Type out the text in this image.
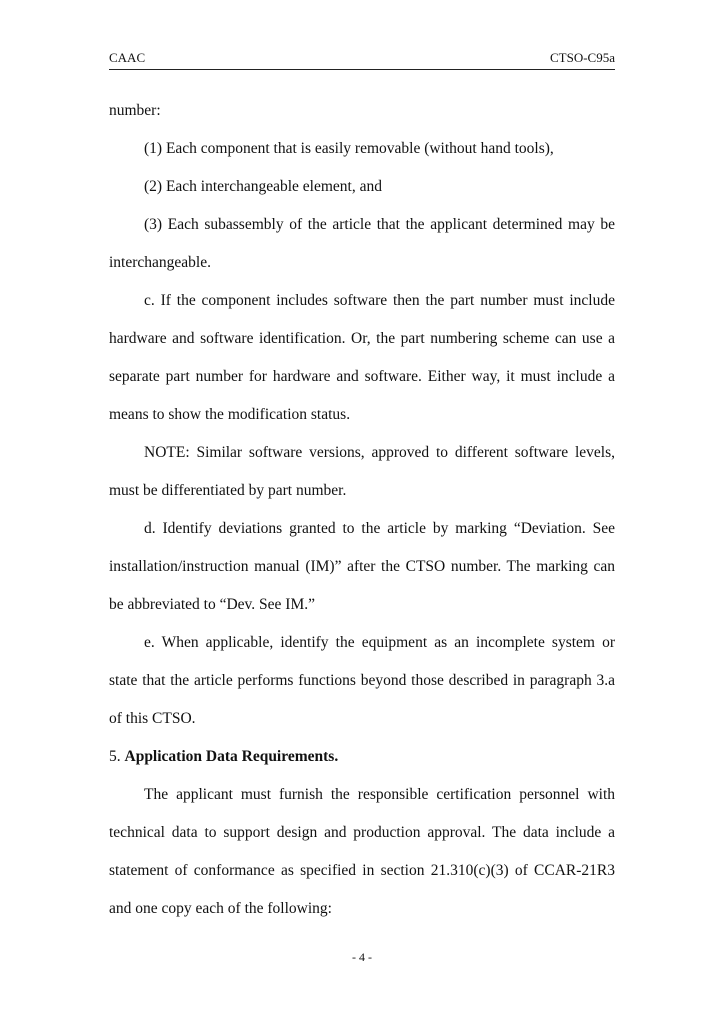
CAAC	CTSO-C95a

number:

(1) Each component that is easily removable (without hand tools),

(2) Each interchangeable element, and

(3) Each subassembly of the article that the applicant determined may be interchangeable.

c. If the component includes software then the part number must include hardware and software identification. Or, the part numbering scheme can use a separate part number for hardware and software. Either way, it must include a means to show the modification status.

NOTE: Similar software versions, approved to different software levels, must be differentiated by part number.

d. Identify deviations granted to the article by marking “Deviation. See installation/instruction manual (IM)” after the CTSO number. The marking can be abbreviated to “Dev. See IM.”

e. When applicable, identify the equipment as an incomplete system or state that the article performs functions beyond those described in paragraph 3.a of this CTSO.

5. Application Data Requirements.

The applicant must furnish the responsible certification personnel with technical data to support design and production approval. The data include a statement of conformance as specified in section 21.310(c)(3) of CCAR-21R3 and one copy each of the following:

- 4 -
